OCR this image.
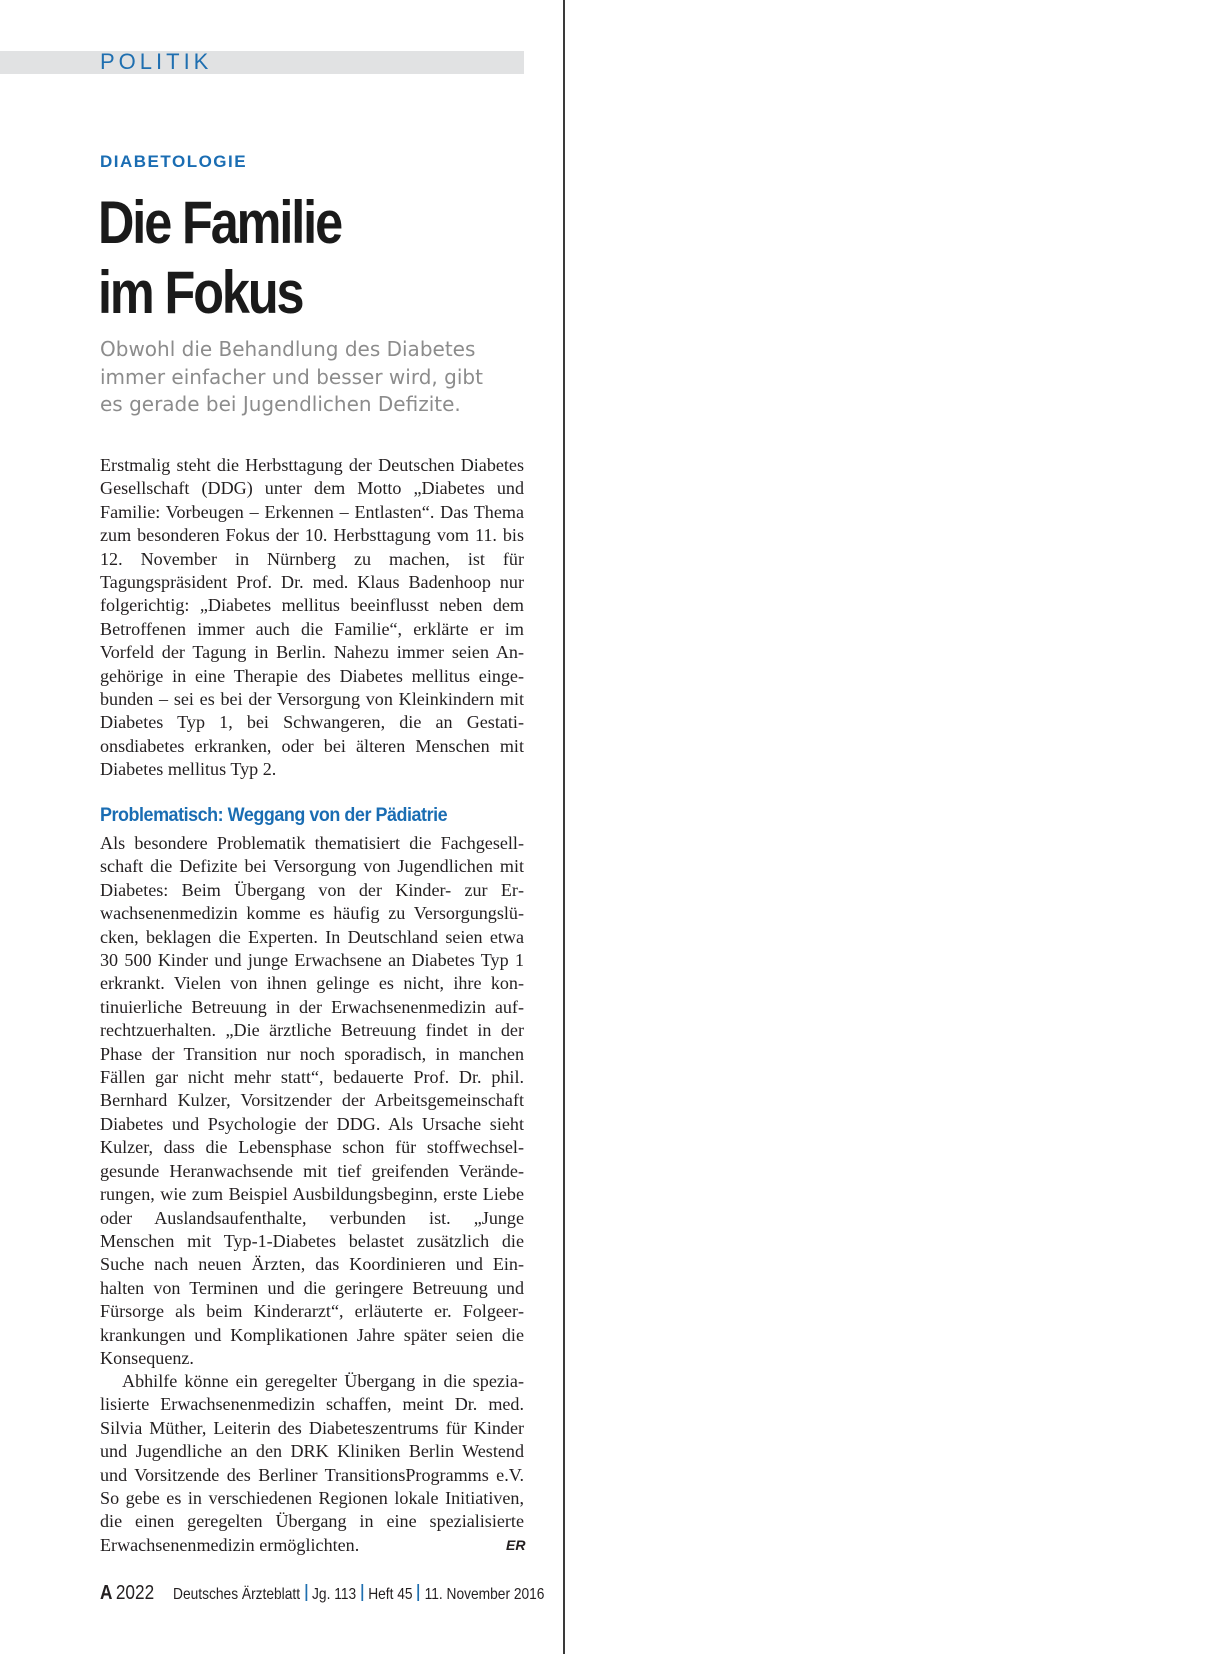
POLITIK
DIABETOLOGIE
Die Familie
im Fokus

Obwohl die Behandlung des Diabetes
immer einfacher und besser wird, gibt
es gerade bei Jugendlichen Defizite.

Erstmalig steht die Herbsttagung der Deutschen Diabetes Gesellschaft (DDG) unter dem Motto „Diabetes und Familie: Vorbeugen – Erkennen – Entlasten“. Das Thema zum besonderen Fokus der 10. Herbsttagung vom 11. bis 12. November in Nürnberg zu machen, ist für Tagungspräsident Prof. Dr. med. Klaus Badenhoop nur folgerichtig: „Diabetes mellitus beeinflusst neben dem Betroffenen immer auch die Familie“, erklärte er im Vorfeld der Tagung in Berlin. Nahezu immer seien Angehörige in eine Therapie des Diabetes mellitus eingebunden – sei es bei der Versorgung von Kleinkindern mit Diabetes Typ 1, bei Schwangeren, die an Gestationsdiabetes erkranken, oder bei älteren Menschen mit Diabetes mellitus Typ 2.

Problematisch: Weggang von der Pädiatrie

Als besondere Problematik thematisiert die Fachgesellschaft die Defizite bei Versorgung von Jugendlichen mit Diabetes: Beim Übergang von der Kinder- zur Erwachsenenmedizin komme es häufig zu Versorgungslücken, beklagen die Experten. In Deutschland seien etwa 30 500 Kinder und junge Erwachsene an Diabetes Typ 1 erkrankt. Vielen von ihnen gelinge es nicht, ihre kontinuierliche Betreuung in der Erwachsenenmedizin aufrechtzuerhalten. „Die ärztliche Betreuung findet in der Phase der Transition nur noch sporadisch, in manchen Fällen gar nicht mehr statt“, bedauerte Prof. Dr. phil. Bernhard Kulzer, Vorsitzender der Arbeitsgemeinschaft Diabetes und Psychologie der DDG. Als Ursache sieht Kulzer, dass die Lebensphase schon für stoffwechselgesunde Heranwachsende mit tief greifenden Veränderungen, wie zum Beispiel Ausbildungsbeginn, erste Liebe oder Auslandsaufenthalte, verbunden ist. „Junge Menschen mit Typ-1-Diabetes belastet zusätzlich die Suche nach neuen Ärzten, das Koordinieren und Einhalten von Terminen und die geringere Betreuung und Fürsorge als beim Kinderarzt“, erläuterte er. Folgeerkrankungen und Komplikationen Jahre später seien die Konsequenz.

Abhilfe könne ein geregelter Übergang in die spezialisierte Erwachsenenmedizin schaffen, meint Dr. med. Silvia Müther, Leiterin des Diabeteszentrums für Kinder und Jugendliche an den DRK Kliniken Berlin Westend und Vorsitzende des Berliner TransitionsProgramms e.V. So gebe es in verschiedenen Regionen lokale Initiativen, die einen geregelten Übergang in eine spezialisierte Erwachsenenmedizin ermöglichten.	ER
A 2022 Deutsches Ärzteblatt Jg. 113 Heft 45 11. November 2016
